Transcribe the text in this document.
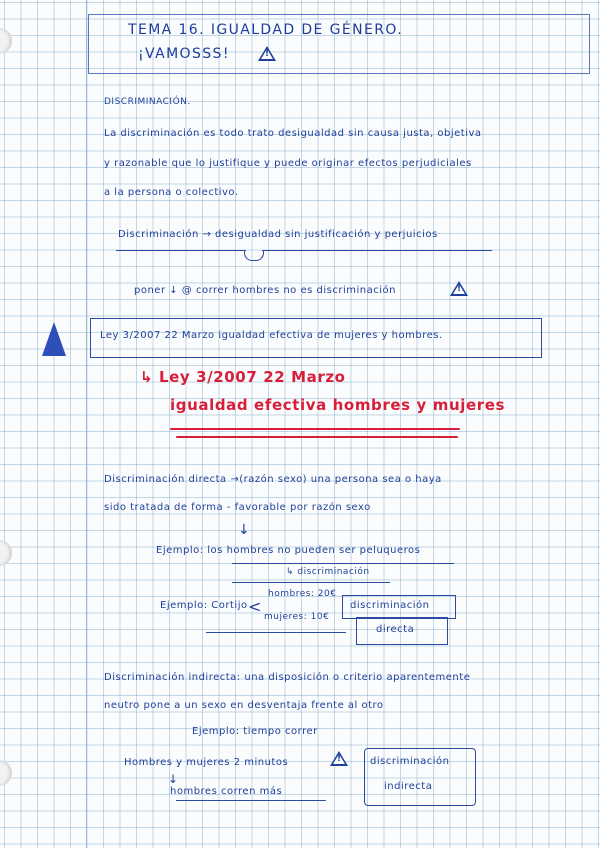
TEMA 16. IGUALDAD DE GÉNERO.
¡VAMOSSS!	!
DISCRIMINACIÓN.
La discriminación es todo trato desigualdad sin causa justa, objetiva
y razonable que lo justifique y puede originar efectos perjudiciales
a la persona o colectivo.
Discriminación → desigualdad sin justificación y perjuicios
poner ↓ @ correr hombres no es discriminación	!
Ley 3/2007 22 Marzo igualdad efectiva de mujeres y hombres.
↳ Ley 3/2007 22 Marzo
igualdad efectiva hombres y mujeres
Discriminación directa →(razón sexo) una persona sea o haya
sido tratada de forma - favorable por razón sexo
↓
Ejemplo: los hombres no pueden ser peluqueros
↳ discriminación
Ejemplo: Cortijo <
hombres: 20€
mujeres: 10€
discriminación
directa
Discriminación indirecta: una disposición o criterio aparentemente
neutro pone a un sexo en desventaja frente al otro
Ejemplo: tiempo correr
Hombres y mujeres 2 minutos	!
↓
hombres corren más
discriminación
indirecta
